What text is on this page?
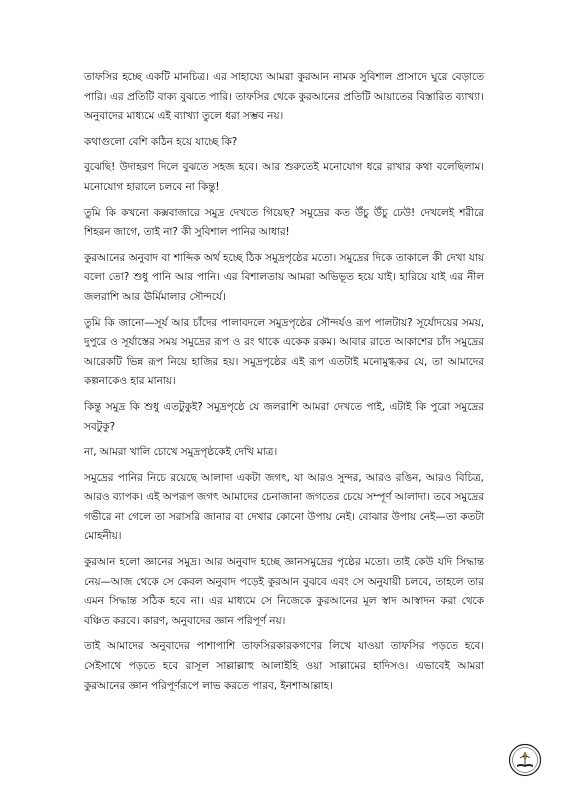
তাফসির হচ্ছে একটি মানচিত্র। এর সাহায্যে আমরা কুরআন নামক সুবিশাল প্রাসাদে ঘুরে বেড়াতে পারি। এর প্রতিটি বাক্য বুঝতে পারি। তাফসির থেকে কুরআনের প্রতিটি আয়াতের বিস্তারিত ব্যাখ্যা। অনুবাদের মাধ্যমে এই ব্যাখ্যা তুলে ধরা সম্ভব নয়।

কথাগুলো বেশি কঠিন হয়ে যাচ্ছে কি?

বুঝেছি! উদাহরণ দিলে বুঝতে সহজ হবে। আর শুরুতেই মনোযোগ ধরে রাখার কথা বলেছিলাম। মনোযোগ হারালে চলবে না কিন্তু!

তুমি কি কখনো কক্সবাজারে সমুদ্র দেখতে গিয়েছ? সমুদ্রের কত উঁচু উঁচু ঢেউ! দেখলেই শরীরে শিহরন জাগে, তাই না? কী সুবিশাল পানির আধার!

কুরআনের অনুবাদ বা শাব্দিক অর্থ হচ্ছে ঠিক সমুদ্রপৃষ্ঠের মতো। সমুদ্রের দিকে তাকালে কী দেখা যায় বলো তো? শুধু পানি আর পানি। এর বিশালতায় আমরা অভিভূত হয়ে যাই। হারিয়ে যাই এর নীল জলরাশি আর ঊর্মিমালার সৌন্দর্যে।

তুমি কি জানো—সূর্য আর চাঁদের পালাবদলে সমুদ্রপৃষ্ঠের সৌন্দর্যও রূপ পালটায়? সূর্যোদয়ের সময়, দুপুরে ও সূর্যাস্তের সময় সমুদ্রের রূপ ও রং থাকে একেক রকম। আবার রাতে আকাশের চাঁদ সমুদ্রের আরেকটি ভিন্ন রূপ নিয়ে হাজির হয়। সমুদ্রপৃষ্ঠের এই রূপ এতটাই মনোমুগ্ধকর যে, তা আমাদের কল্পনাকেও হার মানায়।

কিন্তু সমুদ্র কি শুধু এতটুকুই? সমুদ্রপৃষ্ঠে যে জলরাশি আমরা দেখতে পাই, এটাই কি পুরো সমুদ্রের সবটুকু?

না, আমরা খালি চোখে সমুদ্রপৃষ্ঠকেই দেখি মাত্র।

সমুদ্রের পানির নিচে রয়েছে আলাদা একটা জগৎ, যা আরও সুন্দর, আরও রঙিন, আরও বিচিত্র, আরও ব্যাপক। এই অপরূপ জগৎ আমাদের চেনাজানা জগতের চেয়ে সম্পূর্ণ আলাদা। তবে সমুদ্রের গভীরে না গেলে তা সরাসরি জানার বা দেখার কোনো উপায় নেই। বোঝার উপায় নেই—তা কতটা মোহনীয়।

কুরআন হলো জ্ঞানের সমুদ্র। আর অনুবাদ হচ্ছে জ্ঞানসমুদ্রের পৃষ্ঠের মতো। তাই কেউ যদি সিদ্ধান্ত নেয়—আজ থেকে সে কেবল অনুবাদ পড়েই কুরআন বুঝবে এবং সে অনুযায়ী চলবে, তাহলে তার এমন সিদ্ধান্ত সঠিক হবে না। এর মাধ্যমে সে নিজেকে কুরআনের মূল স্বাদ আস্বাদন করা থেকে বঞ্চিত করবে। কারণ, অনুবাদের জ্ঞান পরিপূর্ণ নয়।

তাই আমাদের অনুবাদের পাশাপাশি তাফসিরকারকগণের লিখে যাওয়া তাফসির পড়তে হবে। সেইসাথে পড়তে হবে রাসূল সাল্লাল্লাহু আলাইহি ওয়া সাল্লামের হাদিসও। এভাবেই আমরা কুরআনের জ্ঞান পরিপূর্ণরূপে লাভ করতে পারব, ইনশাআল্লাহ।
